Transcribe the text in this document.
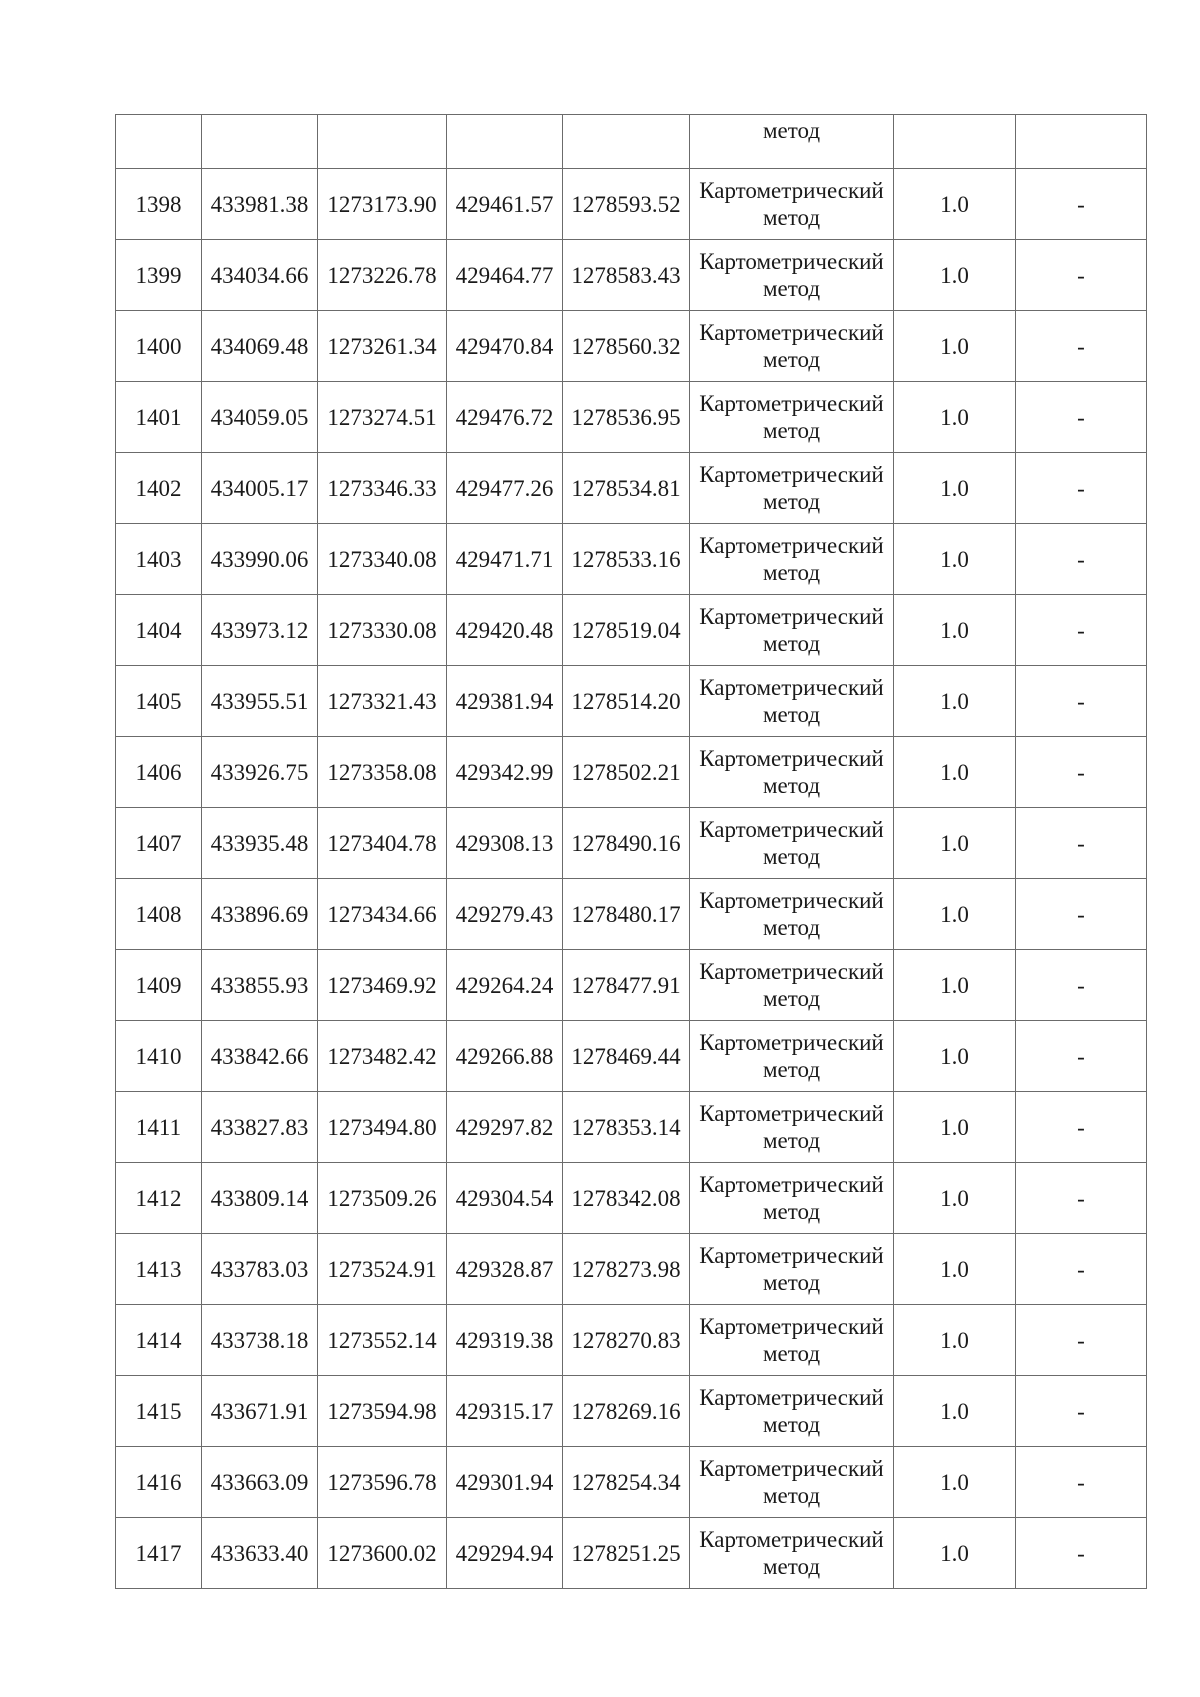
					метод		

1398	433981.38	1273173.90	429461.57	1278593.52	Картометрический
метод	1.0	-
1399	434034.66	1273226.78	429464.77	1278583.43	Картометрический
метод	1.0	-
1400	434069.48	1273261.34	429470.84	1278560.32	Картометрический
метод	1.0	-
1401	434059.05	1273274.51	429476.72	1278536.95	Картометрический
метод	1.0	-
1402	434005.17	1273346.33	429477.26	1278534.81	Картометрический
метод	1.0	-
1403	433990.06	1273340.08	429471.71	1278533.16	Картометрический
метод	1.0	-
1404	433973.12	1273330.08	429420.48	1278519.04	Картометрический
метод	1.0	-
1405	433955.51	1273321.43	429381.94	1278514.20	Картометрический
метод	1.0	-
1406	433926.75	1273358.08	429342.99	1278502.21	Картометрический
метод	1.0	-
1407	433935.48	1273404.78	429308.13	1278490.16	Картометрический
метод	1.0	-
1408	433896.69	1273434.66	429279.43	1278480.17	Картометрический
метод	1.0	-
1409	433855.93	1273469.92	429264.24	1278477.91	Картометрический
метод	1.0	-
1410	433842.66	1273482.42	429266.88	1278469.44	Картометрический
метод	1.0	-
1411	433827.83	1273494.80	429297.82	1278353.14	Картометрический
метод	1.0	-
1412	433809.14	1273509.26	429304.54	1278342.08	Картометрический
метод	1.0	-
1413	433783.03	1273524.91	429328.87	1278273.98	Картометрический
метод	1.0	-
1414	433738.18	1273552.14	429319.38	1278270.83	Картометрический
метод	1.0	-
1415	433671.91	1273594.98	429315.17	1278269.16	Картометрический
метод	1.0	-
1416	433663.09	1273596.78	429301.94	1278254.34	Картометрический
метод	1.0	-
1417	433633.40	1273600.02	429294.94	1278251.25	Картометрический
метод	1.0	-
